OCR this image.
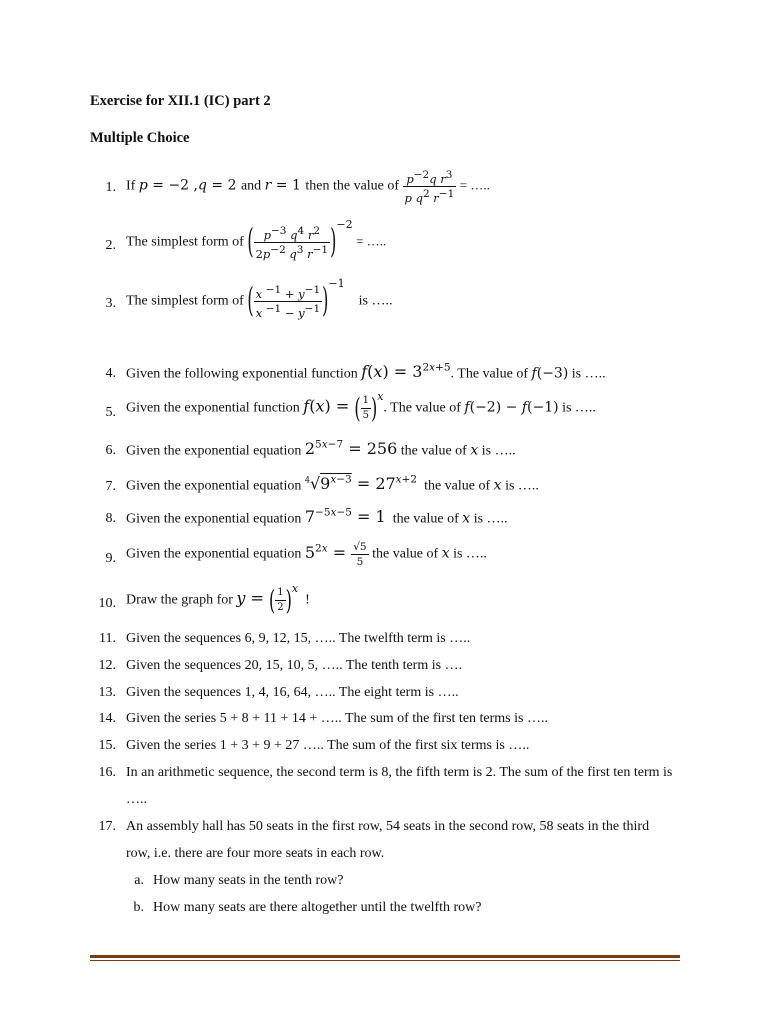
Exercise for XII.1 (IC) part 2
Multiple Choice
1. If p = −2 ,q = 2 and r = 1 then the value of $\frac{p^{-2}q r^3}{p q^2 r^{-1}}$ = …..
2. The simplest form of ( $\frac{p^{-3} q^4 r^2}{2p^{-2} q^3 r^{-1}} )^{-2}$ = …..
3. The simplest form of ( $\frac{x ^{-1} + y^{-1}}{x ^{-1} - y^{-1}} )^{-1}$    is …..
4. Given the following exponential function $f(x) = 3^{2x+5}$. The value of f(−3) is …..
5. Given the exponential function f(x) = ( $\frac{1}{5} )^x$. The value of f(−2) − f(−1) is …..
6. Given the exponential equation $2^{5x-7} = 256$ the value of x is …..
7. Given the exponential equation $^4√9^{x-3} = 27^{x+2}$ the value of x is …..
8. Given the exponential equation $7^{-5x-5} = 1$ the value of x is …..
9. Given the exponential equation $5^{2x} = \frac{√5}{5}$ the value of x is …..
10. Draw the graph for y = ( $\frac{1}{2} )^x$  !
11. Given the sequences 6, 9, 12, 15, ….. The twelfth term is …..
12. Given the sequences 20, 15, 10, 5, ….. The tenth term is ….
13. Given the sequences 1, 4, 16, 64, ….. The eight term is …..
14. Given the series 5 + 8 + 11 + 14 + ….. The sum of the first ten terms is …..
15. Given the series 1 + 3 + 9 + 27 ….. The sum of the first six terms is …..
16. In an arithmetic sequence, the second term is 8, the fifth term is 2. The sum of the first ten term is …..
17. An assembly hall has 50 seats in the first row, 54 seats in the second row, 58 seats in the third row, i.e. there are four more seats in each row.
a. How many seats in the tenth row?
b. How many seats are there altogether until the twelfth row?
